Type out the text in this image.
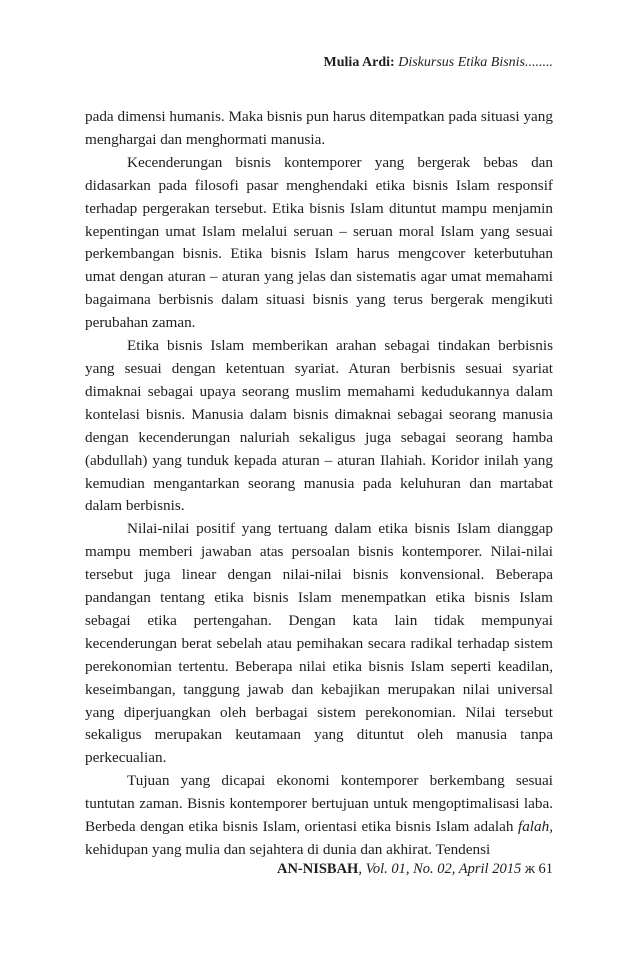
Mulia Ardi: Diskursus Etika Bisnis........

pada dimensi humanis. Maka bisnis pun harus ditempatkan pada situasi yang menghargai dan menghormati manusia.

Kecenderungan bisnis kontemporer yang bergerak bebas dan didasarkan pada filosofi pasar menghendaki etika bisnis Islam responsif terhadap pergerakan tersebut. Etika bisnis Islam dituntut mampu menjamin kepentingan umat Islam melalui seruan – seruan moral Islam yang sesuai perkembangan bisnis. Etika bisnis Islam harus mengcover keterbutuhan umat dengan aturan – aturan yang jelas dan sistematis agar umat memahami bagaimana berbisnis dalam situasi bisnis yang terus bergerak mengikuti perubahan zaman.

Etika bisnis Islam memberikan arahan sebagai tindakan berbisnis yang sesuai dengan ketentuan syariat. Aturan berbisnis sesuai syariat dimaknai sebagai upaya seorang muslim memahami kedudukannya dalam kontelasi bisnis. Manusia dalam bisnis dimaknai sebagai seorang manusia dengan kecenderungan naluriah sekaligus juga sebagai seorang hamba (abdullah) yang tunduk kepada aturan – aturan Ilahiah. Koridor inilah yang kemudian mengantarkan seorang manusia pada keluhuran dan martabat dalam berbisnis.

Nilai-nilai positif yang tertuang dalam etika bisnis Islam dianggap mampu memberi jawaban atas persoalan bisnis kontemporer. Nilai-nilai tersebut juga linear dengan nilai-nilai bisnis konvensional. Beberapa pandangan tentang etika bisnis Islam menempatkan etika bisnis Islam sebagai etika pertengahan. Dengan kata lain tidak mempunyai kecenderungan berat sebelah atau pemihakan secara radikal terhadap sistem perekonomian tertentu. Beberapa nilai etika bisnis Islam seperti keadilan, keseimbangan, tanggung jawab dan kebajikan merupakan nilai universal yang diperjuangkan oleh berbagai sistem perekonomian. Nilai tersebut sekaligus merupakan keutamaan yang dituntut oleh manusia tanpa perkecualian.

Tujuan yang dicapai ekonomi kontemporer berkembang sesuai tuntutan zaman. Bisnis kontemporer bertujuan untuk mengoptimalisasi laba. Berbeda dengan etika bisnis Islam, orientasi etika bisnis Islam adalah falah, kehidupan yang mulia dan sejahtera di dunia dan akhirat. Tendensi

AN-NISBAH, Vol. 01, No. 02, April 2015 ж 61
